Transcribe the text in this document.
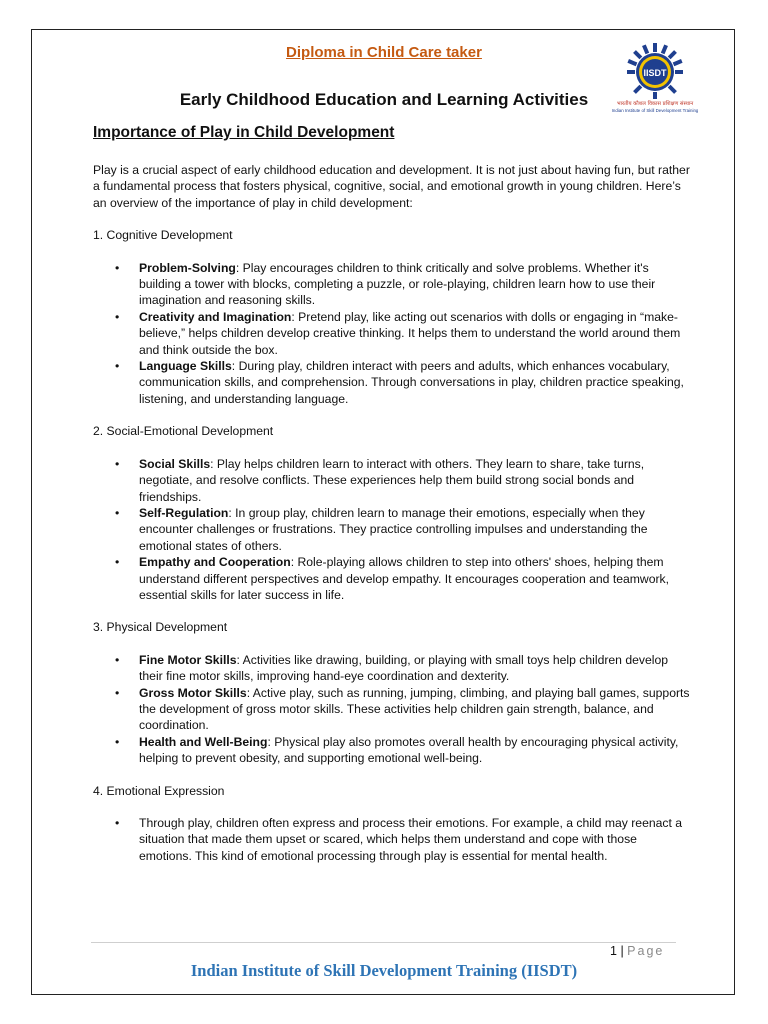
Diploma in Child Care taker
IISDT
भारतीय कौशल विकास प्रशिक्षण संस्थान
Indian Institute of Skill Development Training
Early Childhood Education and Learning Activities
Importance of Play in Child Development

Play is a crucial aspect of early childhood education and development. It is not just about having fun, but rather a fundamental process that fosters physical, cognitive, social, and emotional growth in young children. Here’s an overview of the importance of play in child development:

1. Cognitive Development
• Problem-Solving: Play encourages children to think critically and solve problems. Whether it's building a tower with blocks, completing a puzzle, or role-playing, children learn how to use their imagination and reasoning skills.
• Creativity and Imagination: Pretend play, like acting out scenarios with dolls or engaging in “make-believe,” helps children develop creative thinking. It helps them to understand the world around them and think outside the box.
• Language Skills: During play, children interact with peers and adults, which enhances vocabulary, communication skills, and comprehension. Through conversations in play, children practice speaking, listening, and understanding language.
2. Social-Emotional Development
• Social Skills: Play helps children learn to interact with others. They learn to share, take turns, negotiate, and resolve conflicts. These experiences help them build strong social bonds and friendships.
• Self-Regulation: In group play, children learn to manage their emotions, especially when they encounter challenges or frustrations. They practice controlling impulses and understanding the emotional states of others.
• Empathy and Cooperation: Role-playing allows children to step into others' shoes, helping them understand different perspectives and develop empathy. It encourages cooperation and teamwork, essential skills for later success in life.
3. Physical Development
• Fine Motor Skills: Activities like drawing, building, or playing with small toys help children develop their fine motor skills, improving hand-eye coordination and dexterity.
• Gross Motor Skills: Active play, such as running, jumping, climbing, and playing ball games, supports the development of gross motor skills. These activities help children gain strength, balance, and coordination.
• Health and Well-Being: Physical play also promotes overall health by encouraging physical activity, helping to prevent obesity, and supporting emotional well-being.
4. Emotional Expression
• Through play, children often express and process their emotions. For example, a child may reenact a situation that made them upset or scared, which helps them understand and cope with those emotions. This kind of emotional processing through play is essential for mental health.
1 | Page
Indian Institute of Skill Development Training (IISDT)
